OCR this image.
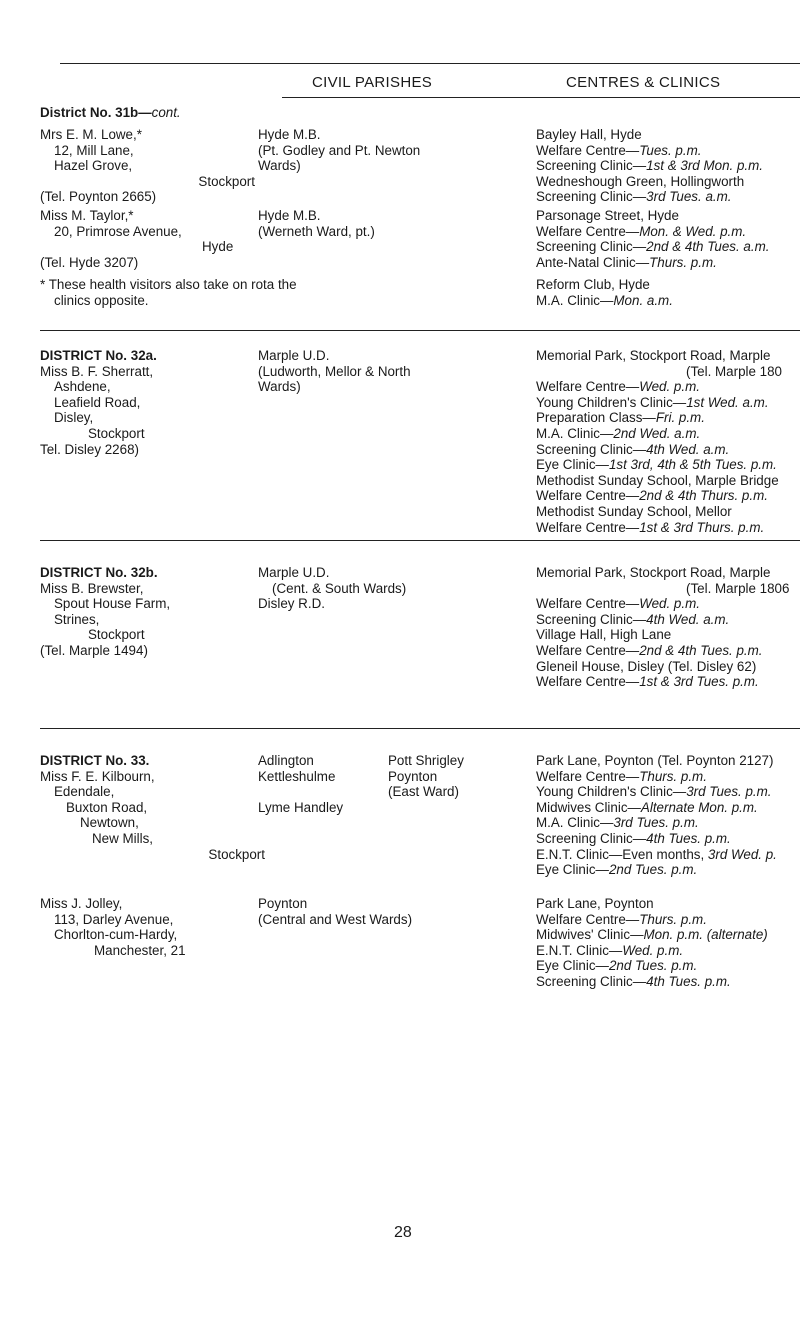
CIVIL PARISHES	CENTRES & CLINICS
District No. 31b—cont.
Mrs E. M. Lowe,*
12, Mill Lane,
Hazel Grove,
Stockport
(Tel. Poynton 2665)
Hyde M.B.
(Pt. Godley and Pt. Newton
Wards)
Bayley Hall, Hyde
Welfare Centre—Tues. p.m.
Screening Clinic—1st & 3rd Mon. p.m.
Wedneshough Green, Hollingworth
Screening Clinic—3rd Tues. a.m.
Miss M. Taylor,*
20, Primrose Avenue,
Hyde
(Tel. Hyde 3207)
Hyde M.B.
(Werneth Ward, pt.)
Parsonage Street, Hyde
Welfare Centre—Mon. & Wed. p.m.
Screening Clinic—2nd & 4th Tues. a.m.
Ante-Natal Clinic—Thurs. p.m.
* These health visitors also take on rota the
clinics opposite.
Reform Club, Hyde
M.A. Clinic—Mon. a.m.
DISTRICT No. 32a.
Miss B. F. Sherratt,
Ashdene,
Leafield Road,
Disley,
Stockport
Tel. Disley 2268)
Marple U.D.
(Ludworth, Mellor & North
Wards)
Memorial Park, Stockport Road, Marple
(Tel. Marple 180
Welfare Centre—Wed. p.m.
Young Children's Clinic—1st Wed. a.m.
Preparation Class—Fri. p.m.
M.A. Clinic—2nd Wed. a.m.
Screening Clinic—4th Wed. a.m.
Eye Clinic—1st 3rd, 4th & 5th Tues. p.m.
Methodist Sunday School, Marple Bridge
Welfare Centre—2nd & 4th Thurs. p.m.
Methodist Sunday School, Mellor
Welfare Centre—1st & 3rd Thurs. p.m.
DISTRICT No. 32b.
Miss B. Brewster,
Spout House Farm,
Strines,
Stockport
(Tel. Marple 1494)
Marple U.D.
(Cent. & South Wards)
Disley R.D.
Memorial Park, Stockport Road, Marple
(Tel. Marple 1806
Welfare Centre—Wed. p.m.
Screening Clinic—4th Wed. a.m.
Village Hall, High Lane
Welfare Centre—2nd & 4th Tues. p.m.
Gleneil House, Disley (Tel. Disley 62)
Welfare Centre—1st & 3rd Tues. p.m.
DISTRICT No. 33.
Miss F. E. Kilbourn,
Edendale,
Buxton Road,
Newtown,
New Mills,
Stockport
Adlington
Kettleshulme

Lyme Handley
Pott Shrigley
Poynton
(East Ward)
Park Lane, Poynton (Tel. Poynton 2127)
Welfare Centre—Thurs. p.m.
Young Children's Clinic—3rd Tues. p.m.
Midwives Clinic—Alternate Mon. p.m.
M.A. Clinic—3rd Tues. p.m.
Screening Clinic—4th Tues. p.m.
E.N.T. Clinic—Even months, 3rd Wed. p.
Eye Clinic—2nd Tues. p.m.
Miss J. Jolley,
113, Darley Avenue,
Chorlton-cum-Hardy,
Manchester, 21
Poynton
(Central and West Wards)
Park Lane, Poynton
Welfare Centre—Thurs. p.m.
Midwives' Clinic—Mon. p.m. (alternate)
E.N.T. Clinic—Wed. p.m.
Eye Clinic—2nd Tues. p.m.
Screening Clinic—4th Tues. p.m.
28
